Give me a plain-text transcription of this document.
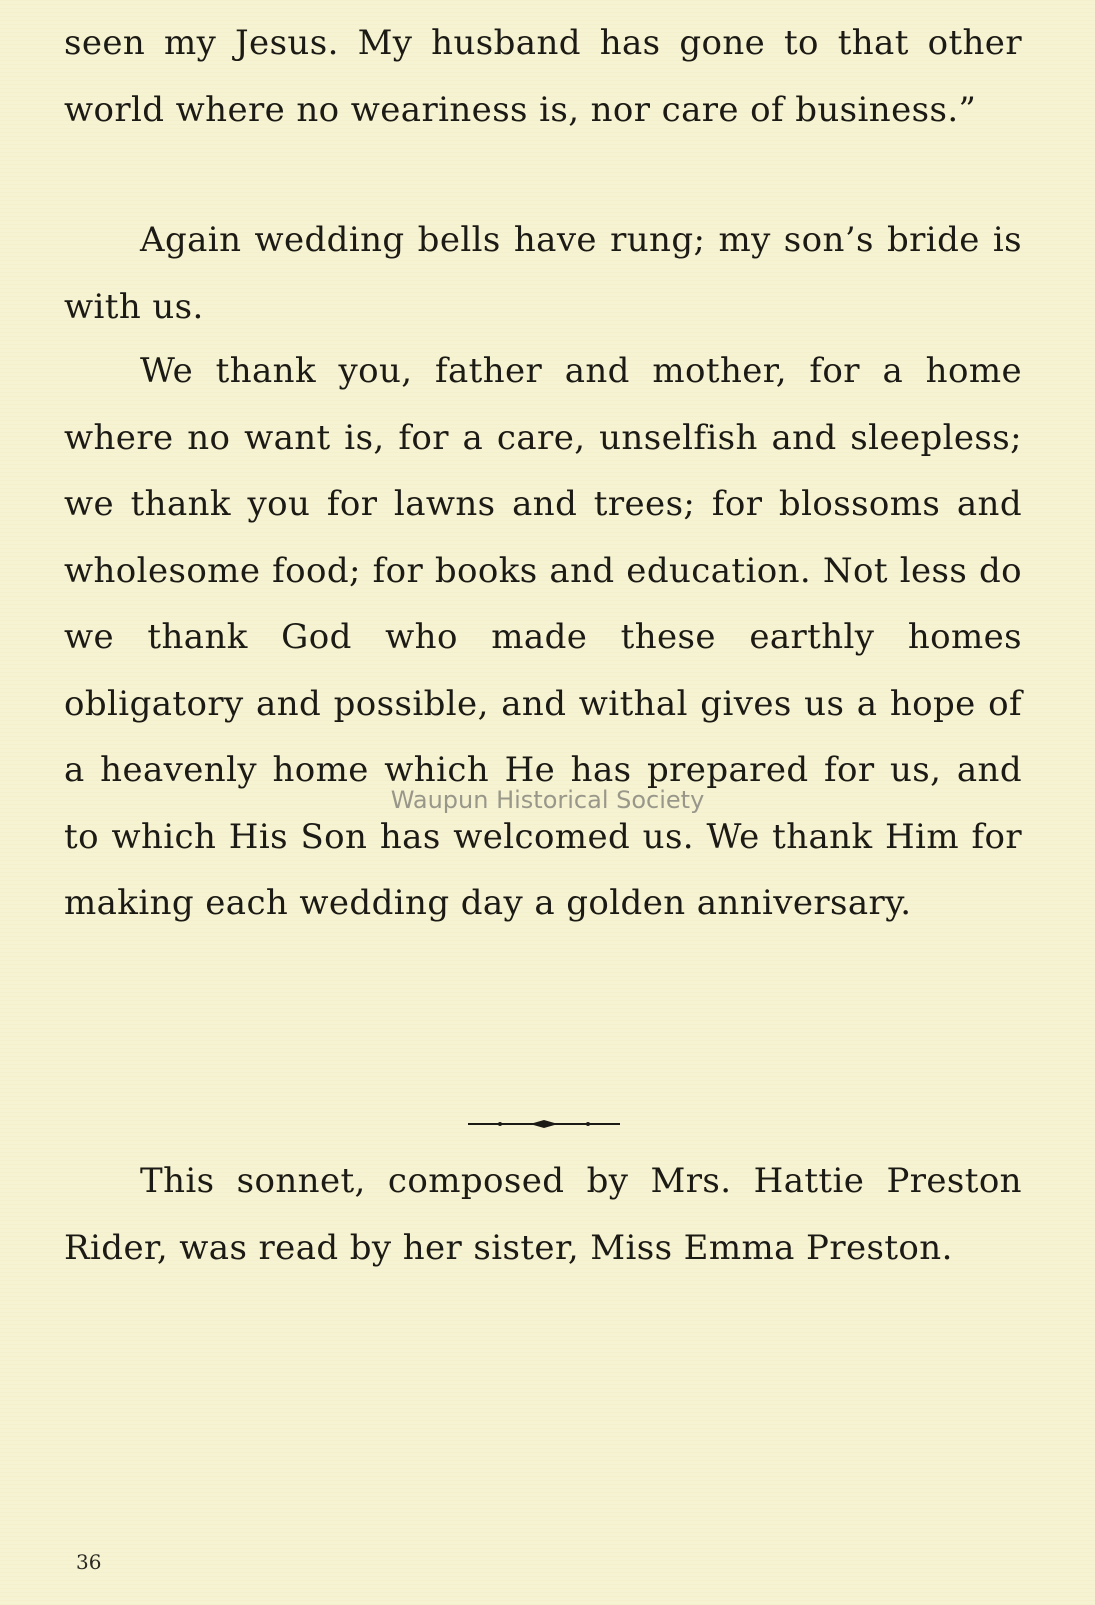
seen my Jesus. My husband has gone to that other world where no weariness is, nor care of business.”

Again wedding bells have rung; my son’s bride is with us.

We thank you, father and mother, for a home where no want is, for a care, unselfish and sleepless; we thank you for lawns and trees; for blossoms and wholesome food; for books and education. Not less do we thank God who made these earthly homes obligatory and possible, and withal gives us a hope of a heavenly home which He has prepared for us, and to which His Son has welcomed us. We thank Him for making each wedding day a golden anniversary.

This sonnet, composed by Mrs. Hattie Preston Rider, was read by her sister, Miss Emma Preston.

Waupun Historical Society
36
